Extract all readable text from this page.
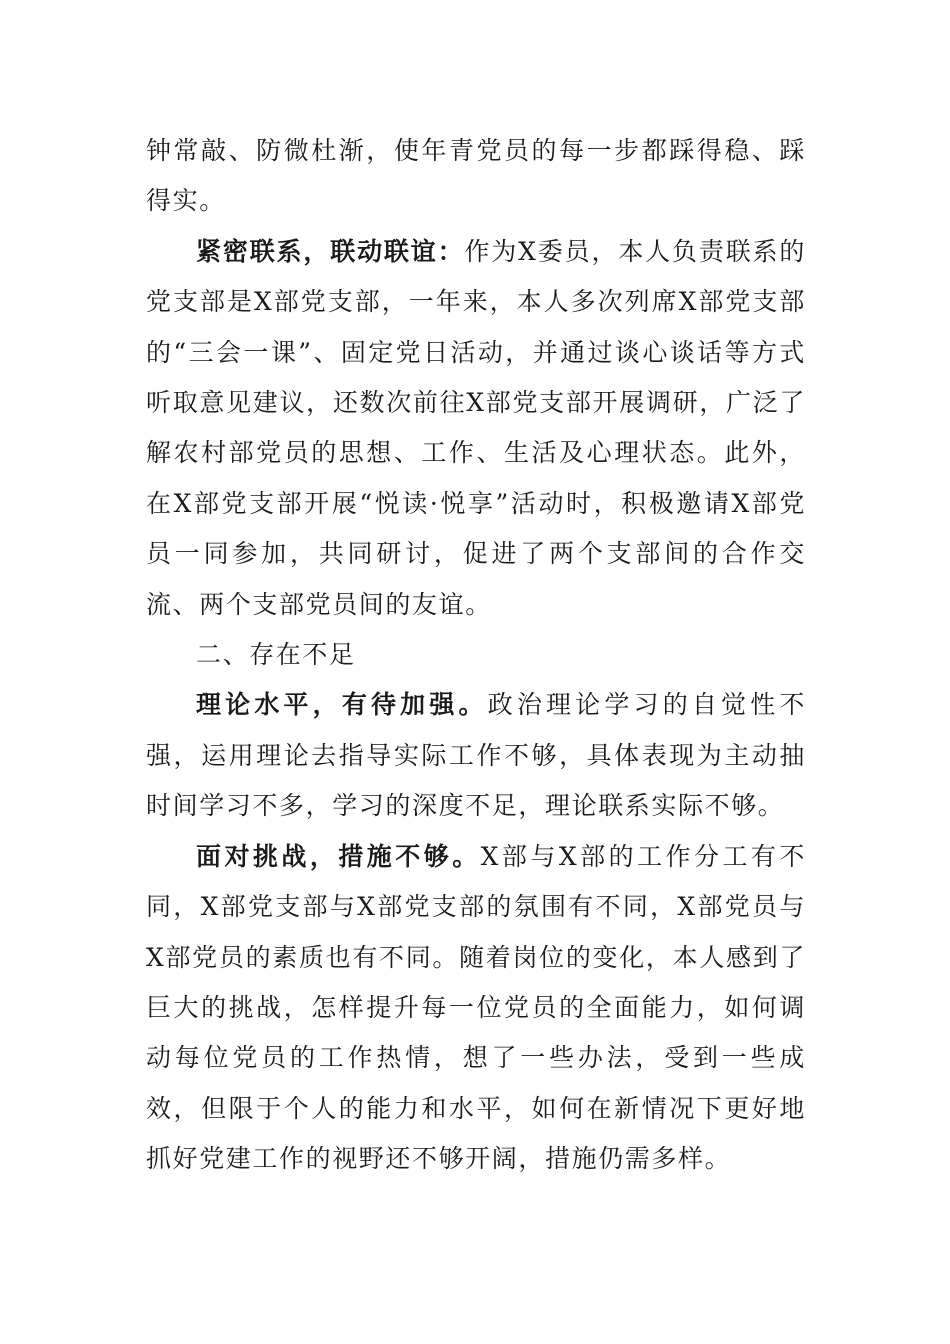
钟常敲、防微杜渐，使年青党员的每一步都踩得稳、踩得实。

紧密联系，联动联谊：作为X委员，本人负责联系的党支部是X部党支部，一年来，本人多次列席X部党支部的“三会一课”、固定党日活动，并通过谈心谈话等方式听取意见建议，还数次前往X部党支部开展调研，广泛了解农村部党员的思想、工作、生活及心理状态。此外，在X部党支部开展“悦读·悦享”活动时，积极邀请X部党员一同参加，共同研讨，促进了两个支部间的合作交流、两个支部党员间的友谊。

二、存在不足

理论水平，有待加强。政治理论学习的自觉性不强，运用理论去指导实际工作不够，具体表现为主动抽时间学习不多，学习的深度不足，理论联系实际不够。

面对挑战，措施不够。X部与X部的工作分工有不同，X部党支部与X部党支部的氛围有不同，X部党员与X部党员的素质也有不同。随着岗位的变化，本人感到了巨大的挑战，怎样提升每一位党员的全面能力，如何调动每位党员的工作热情，想了一些办法，受到一些成效，但限于个人的能力和水平，如何在新情况下更好地抓好党建工作的视野还不够开阔，措施仍需多样。
